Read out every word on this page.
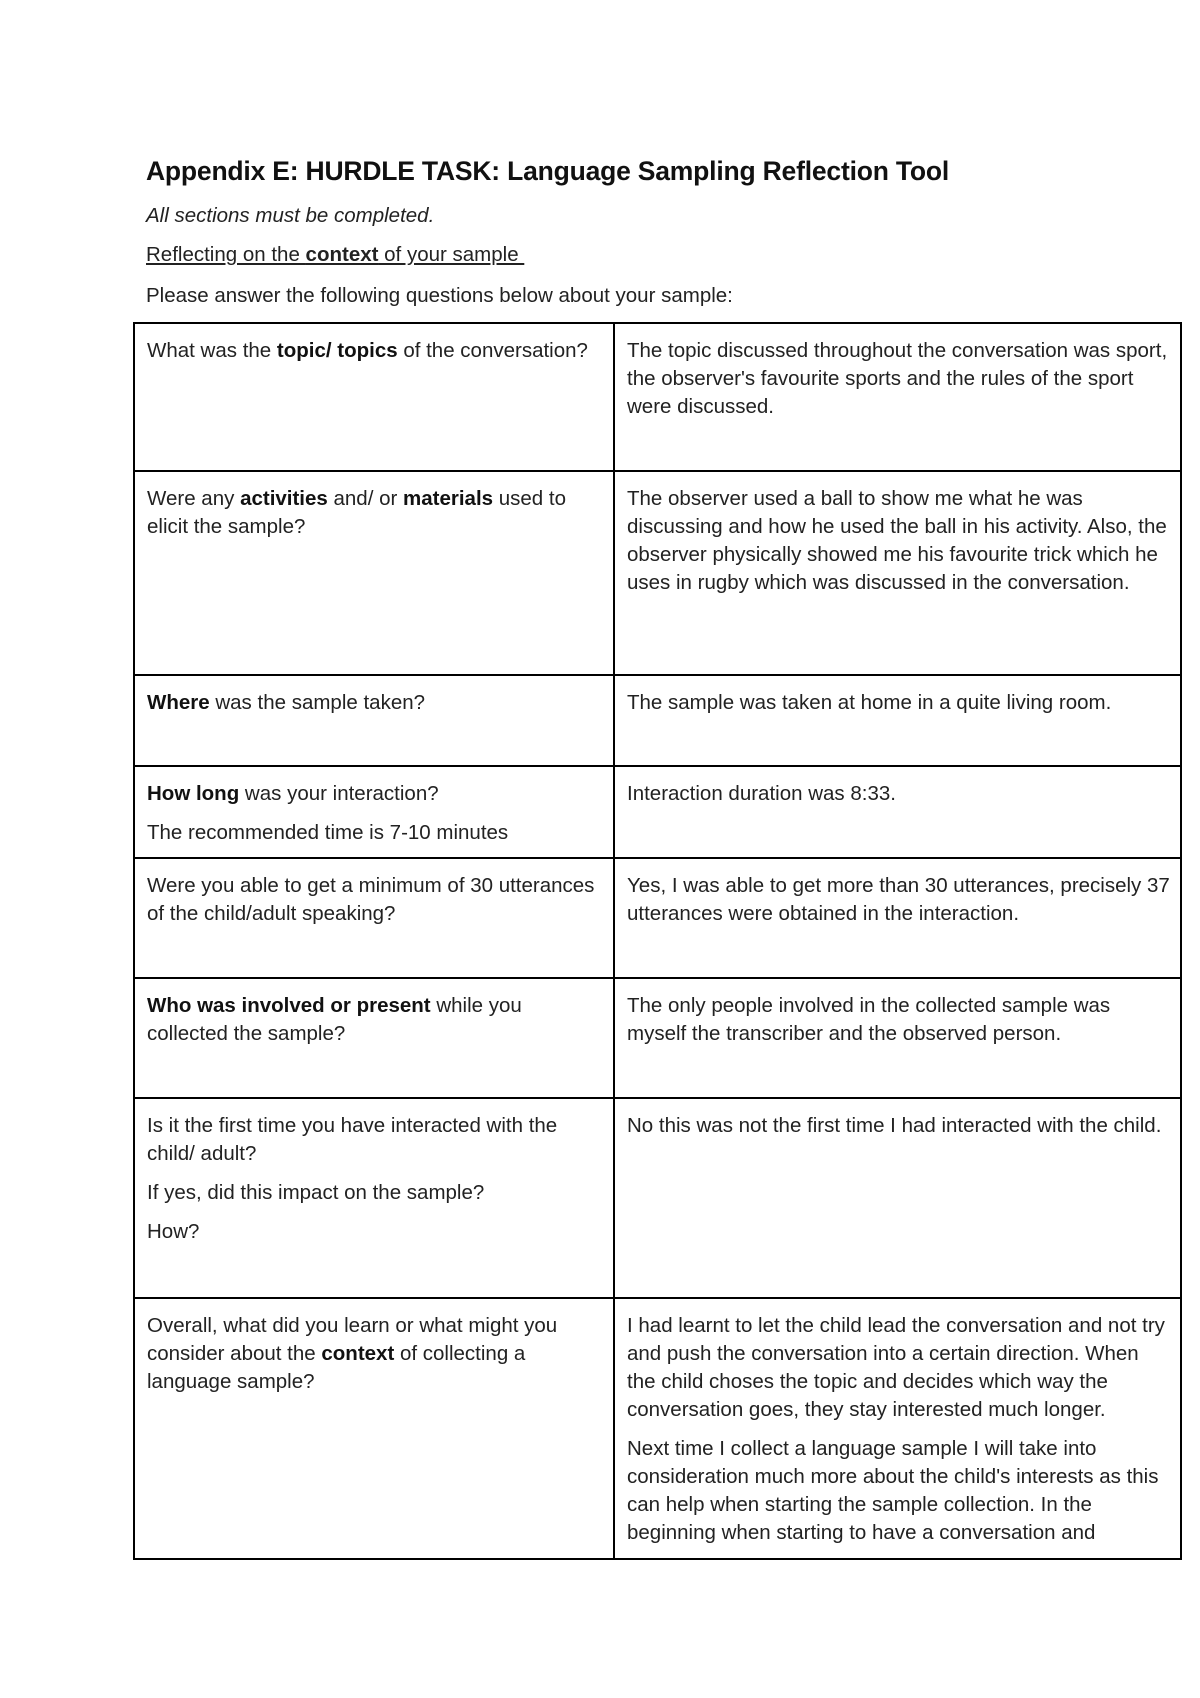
Appendix E: HURDLE TASK: Language Sampling Reflection Tool

All sections must be completed.

Reflecting on the context of your sample

Please answer the following questions below about your sample:

What was the topic/ topics of the conversation?	The topic discussed throughout the conversation was sport, the observer's favourite sports and the rules of the sport were discussed.

Were any activities and/ or materials used to elicit the sample?	The observer used a ball to show me what he was discussing and how he used the ball in his activity. Also, the observer physically showed me his favourite trick which he uses in rugby which was discussed in the conversation.

Where was the sample taken?	The sample was taken at home in a quite living room.

How long was your interaction?

The recommended time is 7-10 minutes	Interaction duration was 8:33.

Were you able to get a minimum of 30 utterances of the child/adult speaking?	Yes, I was able to get more than 30 utterances, precisely 37 utterances were obtained in the interaction.

Who was involved or present while you collected the sample?	The only people involved in the collected sample was myself the transcriber and the observed person.

Is it the first time you have interacted with the child/ adult?

If yes, did this impact on the sample?

How?	No this was not the first time I had interacted with the child.

Overall, what did you learn or what might you consider about the context of collecting a language sample?	I had learnt to let the child lead the conversation and not try and push the conversation into a certain direction. When the child choses the topic and decides which way the conversation goes, they stay interested much longer.

Next time I collect a language sample I will take into consideration much more about the child's interests as this can help when starting the sample collection. In the beginning when starting to have a conversation and
